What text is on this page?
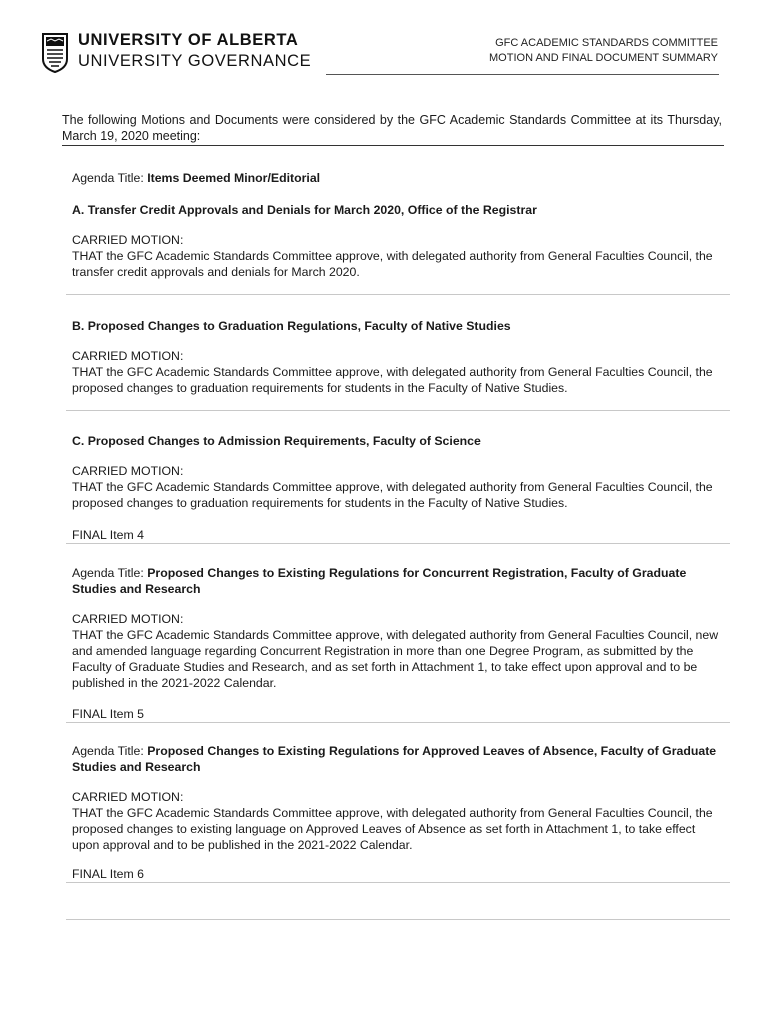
UNIVERSITY OF ALBERTA
UNIVERSITY GOVERNANCE
GFC ACADEMIC STANDARDS COMMITTEE
MOTION AND FINAL DOCUMENT SUMMARY

The following Motions and Documents were considered by the GFC Academic Standards Committee at its Thursday, March 19, 2020 meeting:

Agenda Title: Items Deemed Minor/Editorial

A. Transfer Credit Approvals and Denials for March 2020, Office of the Registrar

CARRIED MOTION:

THAT the GFC Academic Standards Committee approve, with delegated authority from General Faculties Council, the transfer credit approvals and denials for March 2020.

B. Proposed Changes to Graduation Regulations, Faculty of Native Studies

CARRIED MOTION:

THAT the GFC Academic Standards Committee approve, with delegated authority from General Faculties Council, the proposed changes to graduation requirements for students in the Faculty of Native Studies.

C. Proposed Changes to Admission Requirements, Faculty of Science

CARRIED MOTION:

THAT the GFC Academic Standards Committee approve, with delegated authority from General Faculties Council, the proposed changes to graduation requirements for students in the Faculty of Native Studies.

FINAL Item 4

Agenda Title: Proposed Changes to Existing Regulations for Concurrent Registration, Faculty of Graduate Studies and Research

CARRIED MOTION:

THAT the GFC Academic Standards Committee approve, with delegated authority from General Faculties Council, new and amended language regarding Concurrent Registration in more than one Degree Program, as submitted by the Faculty of Graduate Studies and Research, and as set forth in Attachment 1, to take effect upon approval and to be published in the 2021-2022 Calendar.

FINAL Item 5

Agenda Title: Proposed Changes to Existing Regulations for Approved Leaves of Absence, Faculty of Graduate Studies and Research

CARRIED MOTION:

THAT the GFC Academic Standards Committee approve, with delegated authority from General Faculties Council, the proposed changes to existing language on Approved Leaves of Absence as set forth in Attachment 1, to take effect upon approval and to be published in the 2021-2022 Calendar.

FINAL Item 6
